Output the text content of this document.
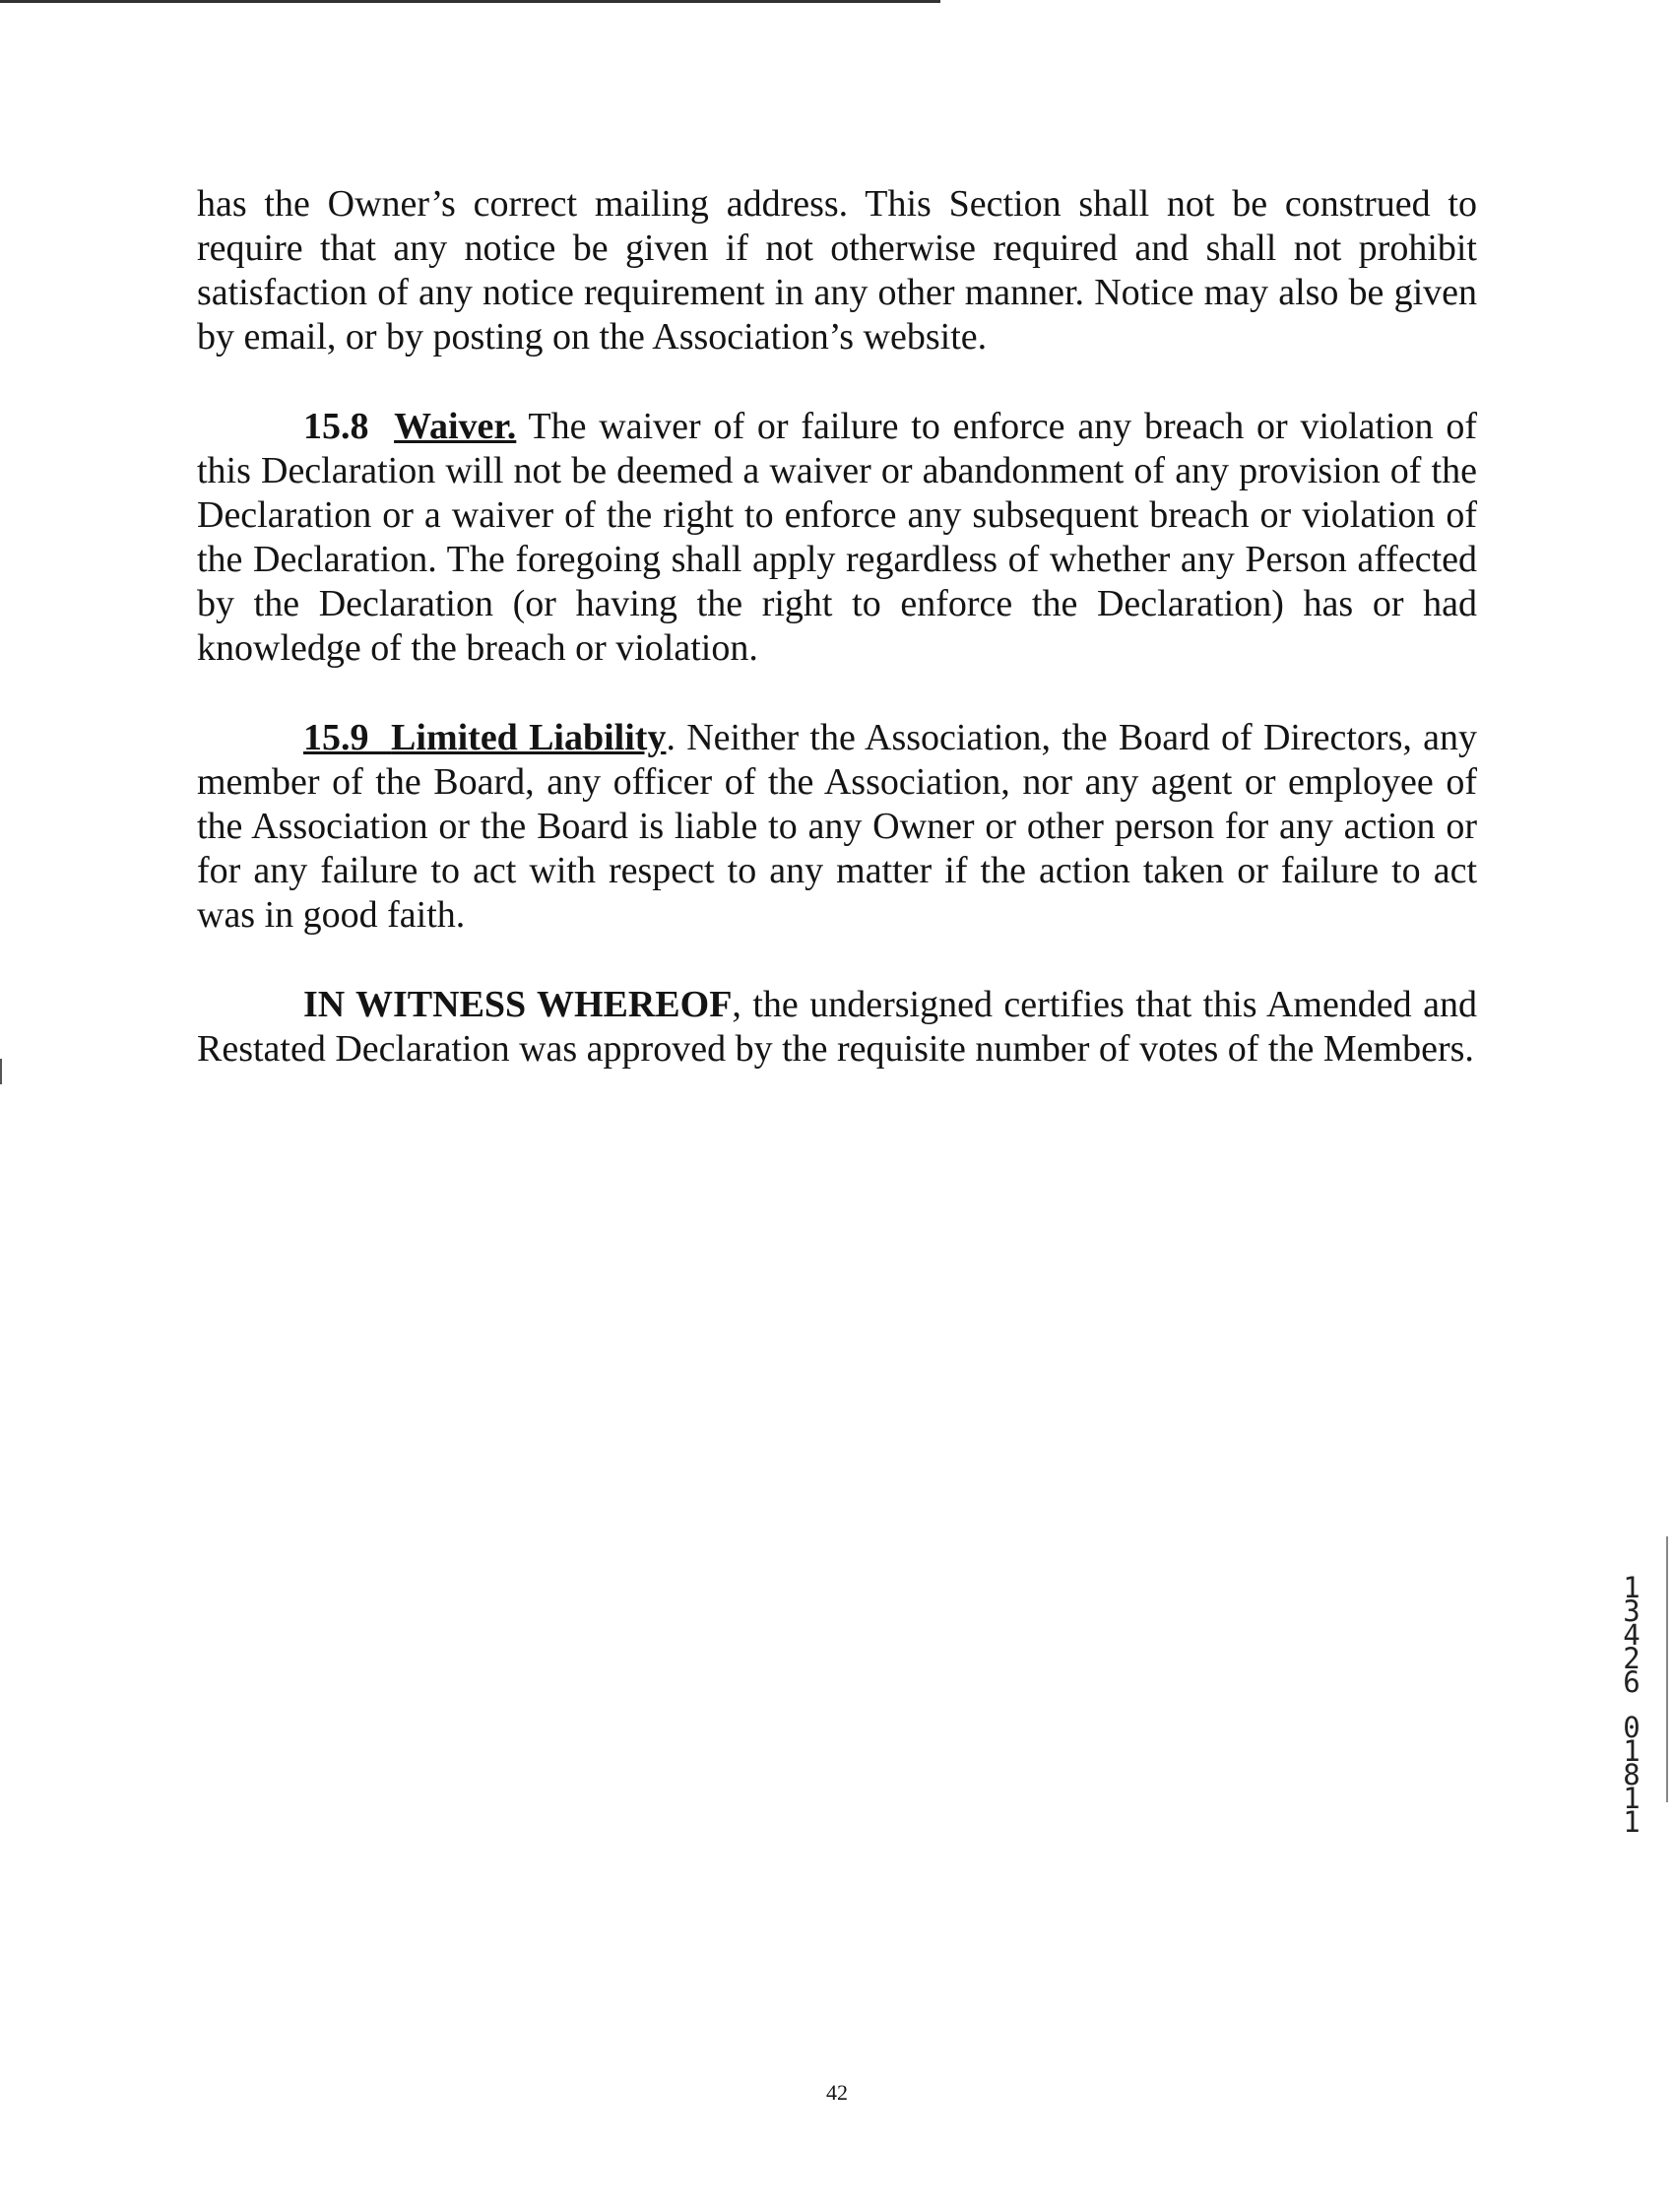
has the Owner’s correct mailing address. This Section shall not be construed to require that any notice be given if not otherwise required and shall not prohibit satisfaction of any notice requirement in any other manner. Notice may also be given by email, or by posting on the Association’s website.

15.8 Waiver. The waiver of or failure to enforce any breach or violation of this Declaration will not be deemed a waiver or abandonment of any provision of the Declaration or a waiver of the right to enforce any subsequent breach or violation of the Declaration. The foregoing shall apply regardless of whether any Person affected by the Declaration (or having the right to enforce the Declaration) has or had knowledge of the breach or violation.

15.9 Limited Liability. Neither the Association, the Board of Directors, any member of the Board, any officer of the Association, nor any agent or employee of the Association or the Board is liable to any Owner or other person for any action or for any failure to act with respect to any matter if the action taken or failure to act was in good faith.

IN WITNESS WHEREOF, the undersigned certifies that this Amended and Restated Declaration was approved by the requisite number of votes of the Members.

13426
01811
42
